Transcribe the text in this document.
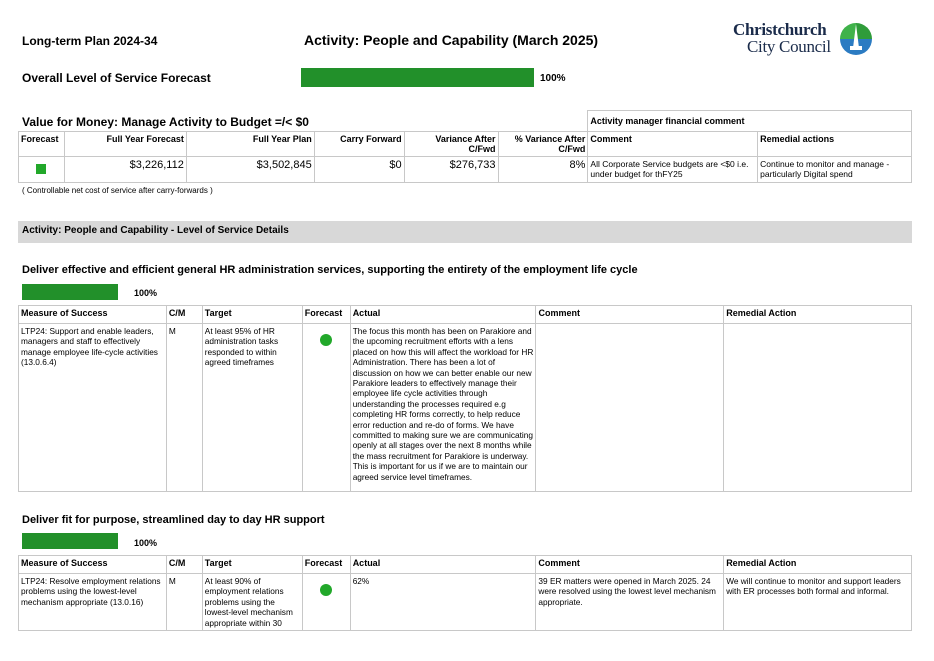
Long-term Plan 2024-34	Activity: People and Capability (March 2025)
Christchurch
City Council
Overall Level of Service Forecast	100%
Value for Money: Manage Activity to Budget =/< $0
						Activity manager financial comment	
Forecast	Full Year Forecast	Full Year Plan	Carry Forward	Variance After C/Fwd	% Variance After C/Fwd	Comment	Remedial actions
	$3,226,112	$3,502,845	$0	$276,733	8%	All Corporate Service budgets are <$0 i.e. under budget for thFY25	Continue to monitor and manage - particularly Digital spend
( Controllable net cost of service after carry-forwards )
Activity: People and Capability - Level of Service Details
Deliver effective and efficient general HR administration services, supporting the entirety of the employment life cycle
100%
Measure of Success	C/M	Target	Forecast	Actual	Comment	Remedial Action
LTP24: Support and enable leaders, managers and staff to effectively manage employee life-cycle activities (13.0.6.4)	M	At least 95% of HR administration tasks responded to within agreed timeframes		The focus this month has been on Parakiore and the upcoming recruitment efforts with a lens placed on how this will affect the workload for HR Administration. There has been a lot of discussion on how we can better enable our new Parakiore leaders to effectively manage their employee life cycle activities through understanding the processes required e.g completing HR forms correctly, to help reduce error reduction and re-do of forms. We have committed to making sure we are communicating openly at all stages over the next 8 months while the mass recruitment for Parakiore is underway. This is important for us if we are to maintain our agreed service level timeframes.		
Deliver fit for purpose, streamlined day to day HR support
100%
Measure of Success	C/M	Target	Forecast	Actual	Comment	Remedial Action
LTP24: Resolve employment relations problems using the lowest-level mechanism appropriate (13.0.16)	M	At least 90% of employment relations problems using the lowest-level mechanism appropriate within 30		62%	39 ER matters were opened in March 2025. 24 were resolved using the lowest level mechanism appropriate.	We will continue to monitor and support leaders with ER processes both formal and informal.
